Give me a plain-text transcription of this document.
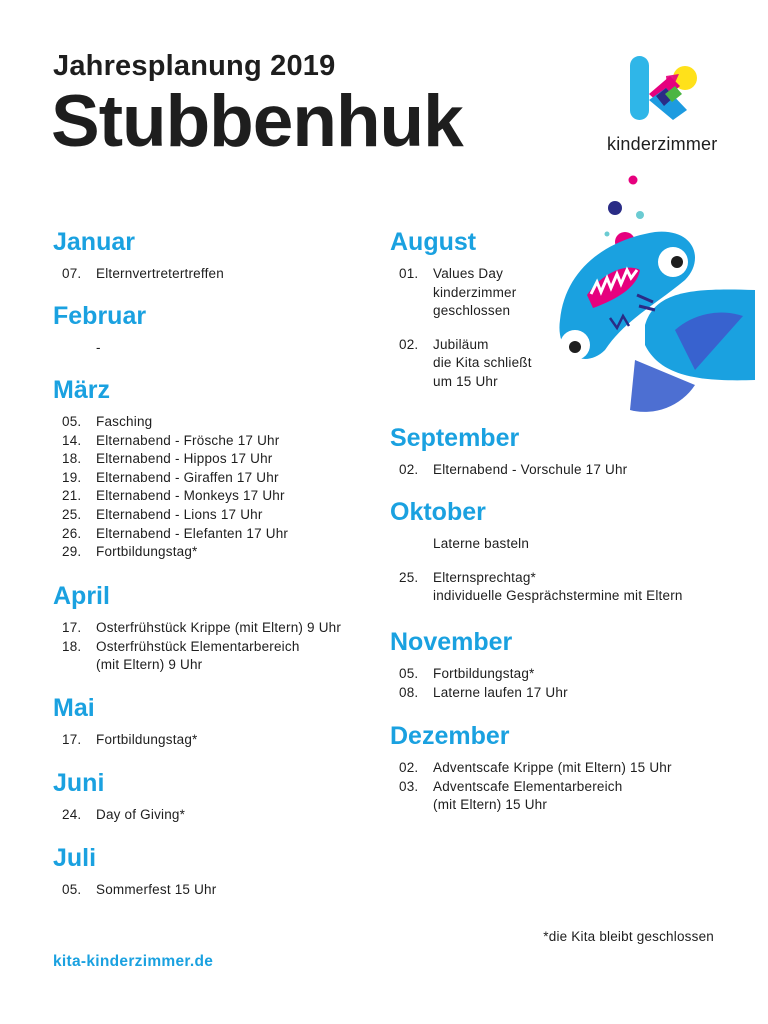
Jahresplanung 2019
Stubbenhuk	kinderzimmer
Januar
07.	Elternvertretertreffen
Februar
-
März
05.	Fasching
14.	Elternabend - Frösche 17 Uhr
18.	Elternabend - Hippos 17 Uhr
19.	Elternabend - Giraffen 17 Uhr
21.	Elternabend - Monkeys 17 Uhr
25.	Elternabend - Lions 17 Uhr
26.	Elternabend - Elefanten 17 Uhr
29.	Fortbildungstag*
April
17.	Osterfrühstück Krippe (mit Eltern) 9 Uhr
18.	Osterfrühstück Elementarbereich
(mit Eltern) 9 Uhr
Mai
17.	Fortbildungstag*
Juni
24.	Day of Giving*
Juli
05.	Sommerfest 15 Uhr
August
01.	Values Day
kinderzimmer
geschlossen
02.	Jubiläum
die Kita schließt
um 15 Uhr
September
02.	Elternabend - Vorschule 17 Uhr
Oktober
Laterne basteln
25.	Elternsprechtag*
individuelle Gesprächstermine mit Eltern
November
05.	Fortbildungstag*
08.	Laterne laufen 17 Uhr
Dezember
02.	Adventscafe Krippe (mit Eltern) 15 Uhr
03.	Adventscafe Elementarbereich
(mit Eltern) 15 Uhr
*die Kita bleibt geschlossen
kita-kinderzimmer.de
